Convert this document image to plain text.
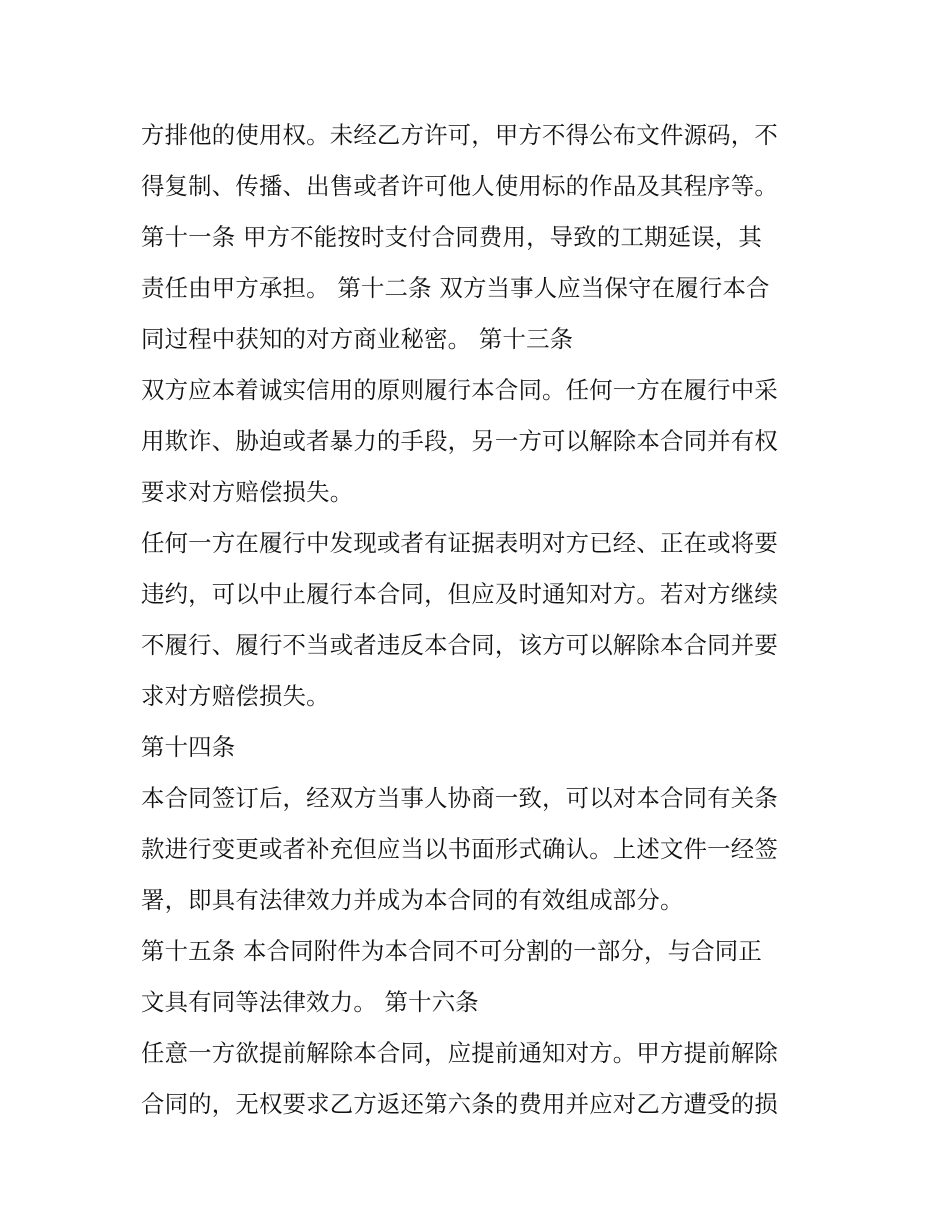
方排他的使用权。未经乙方许可，甲方不得公布文件源码，不
得复制、传播、出售或者许可他人使用标的作品及其程序等。
第十一条 甲方不能按时支付合同费用，导致的工期延误，其
责任由甲方承担。 第十二条 双方当事人应当保守在履行本合
同过程中获知的对方商业秘密。 第十三条
双方应本着诚实信用的原则履行本合同。任何一方在履行中采
用欺诈、胁迫或者暴力的手段，另一方可以解除本合同并有权
要求对方赔偿损失。
任何一方在履行中发现或者有证据表明对方已经、正在或将要
违约，可以中止履行本合同，但应及时通知对方。若对方继续
不履行、履行不当或者违反本合同，该方可以解除本合同并要
求对方赔偿损失。
第十四条
本合同签订后，经双方当事人协商一致，可以对本合同有关条
款进行变更或者补充但应当以书面形式确认。上述文件一经签
署，即具有法律效力并成为本合同的有效组成部分。
第十五条 本合同附件为本合同不可分割的一部分，与合同正
文具有同等法律效力。 第十六条
任意一方欲提前解除本合同，应提前通知对方。甲方提前解除
合同的，无权要求乙方返还第六条的费用并应对乙方遭受的损
